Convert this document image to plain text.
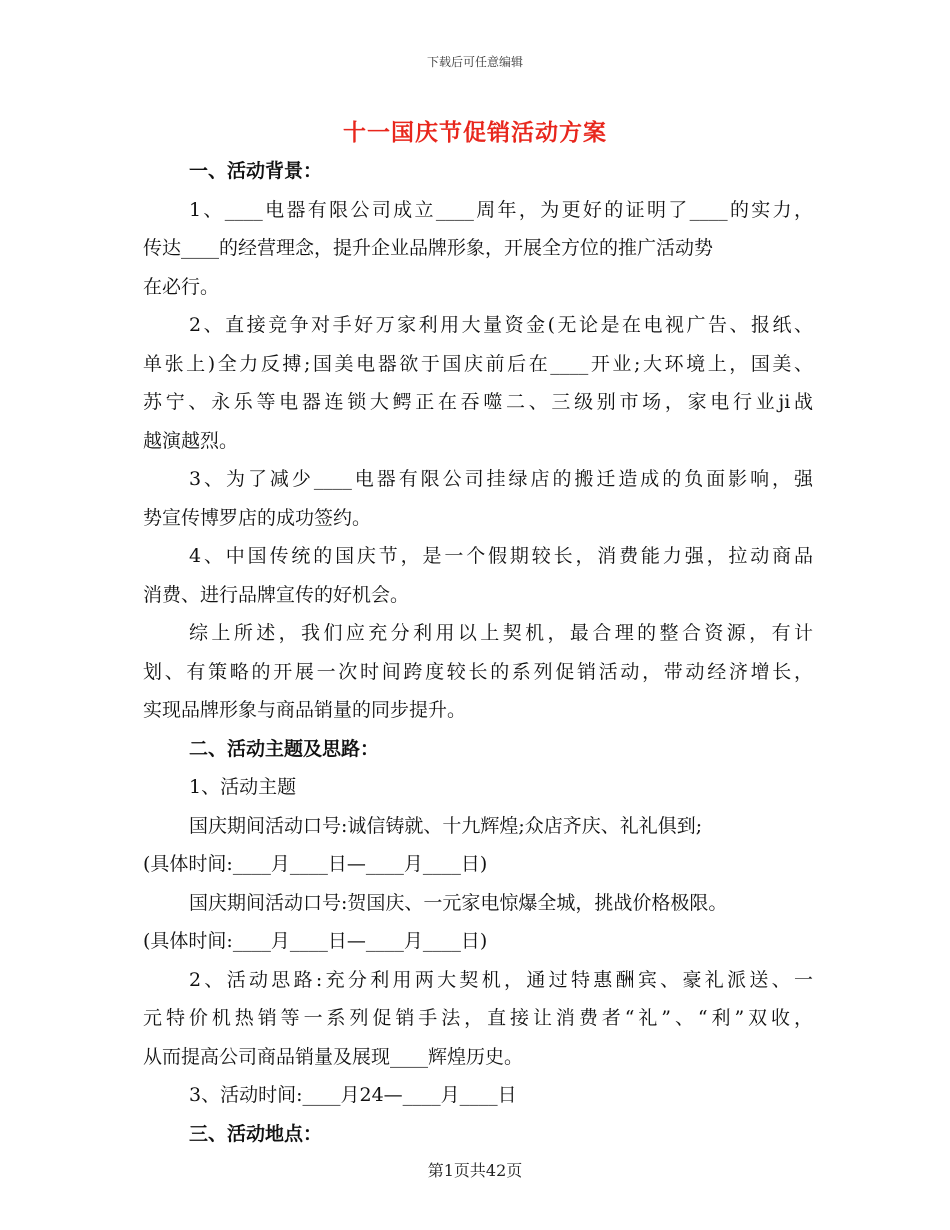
下载后可任意编辑
十一国庆节促销活动方案
一、活动背景：
1、____电器有限公司成立____周年，为更好的证明了____的实力，
传达____的经营理念，提升企业品牌形象，开展全方位的推广活动势
在必行。
2、直接竞争对手好万家利用大量资金(无论是在电视广告、报纸、
单张上)全力反搏;国美电器欲于国庆前后在____开业;大环境上，国美、
苏宁、永乐等电器连锁大鳄正在吞噬二、三级别市场，家电行业ji战
越演越烈。
3、为了减少____电器有限公司挂绿店的搬迁造成的负面影响，强
势宣传博罗店的成功签约。
4、中国传统的国庆节，是一个假期较长，消费能力强，拉动商品
消费、进行品牌宣传的好机会。
综上所述，我们应充分利用以上契机，最合理的整合资源，有计
划、有策略的开展一次时间跨度较长的系列促销活动，带动经济增长，
实现品牌形象与商品销量的同步提升。
二、活动主题及思路：
1、活动主题
国庆期间活动口号:诚信铸就、十九辉煌;众店齐庆、礼礼俱到;
(具体时间:____月____日—____月____日)
国庆期间活动口号:贺国庆、一元家电惊爆全城，挑战价格极限。
(具体时间:____月____日—____月____日)
2、活动思路:充分利用两大契机，通过特惠酬宾、豪礼派送、一
元特价机热销等一系列促销手法，直接让消费者“礼”、“利”双收，
从而提高公司商品销量及展现____辉煌历史。
3、活动时间:____月24—____月____日
三、活动地点：
第1页共42页
